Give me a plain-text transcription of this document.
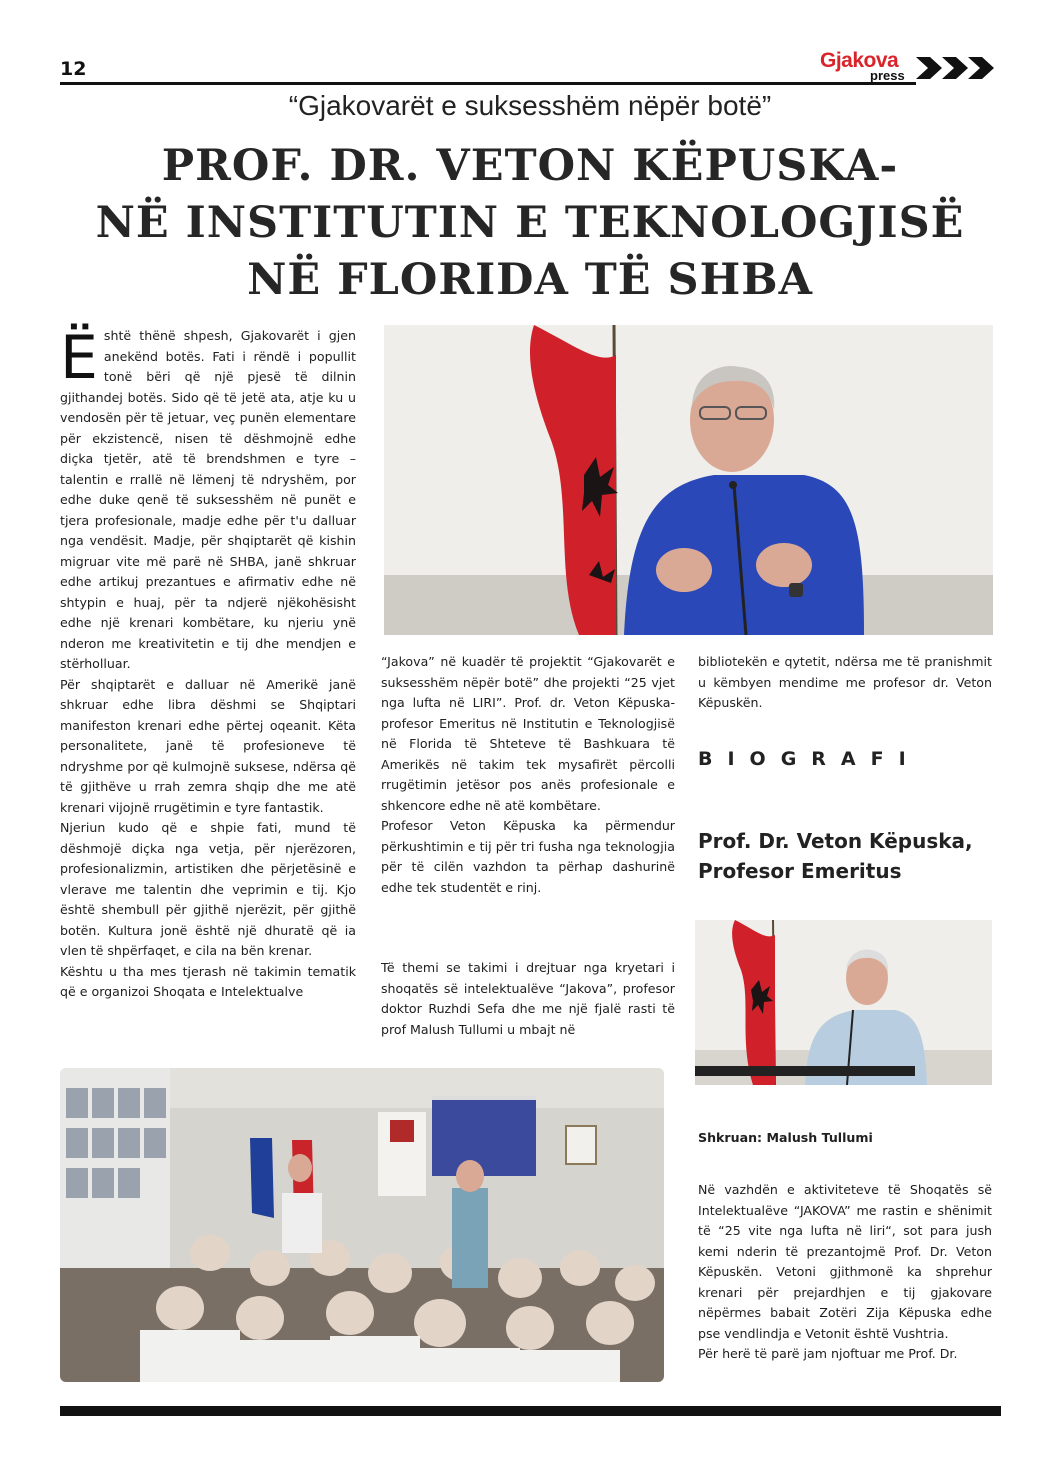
12	Gjakova
press
“Gjakovarët e suksesshëm nëpër botë”
PROF. DR. VETON KËPUSKA-
NË INSTITUTIN E TEKNOLOGJISË
NË FLORIDA TË SHBA

Është thënë shpesh, Gjakovarët i gjen anekënd botës. Fati i rëndë i popullit tonë bëri që një pjesë të dilnin gjithandej botës. Sido që të jetë ata, atje ku u vendosën për të jetuar, veç punën elementare për ekzistencë, nisen të dëshmojnë edhe diçka tjetër, atë të brendshmen e tyre – talentin e rrallë në lëmenj të ndryshëm, por edhe duke qenë të suksesshëm në punët e tjera profesionale, madje edhe për t'u dalluar nga vendësit. Madje, për shqiptarët që kishin migruar vite më parë në SHBA, janë shkruar edhe artikuj prezantues e afirmativ edhe në shtypin e huaj, për ta ndjerë njëkohësisht edhe një krenari kombëtare, ku njeriu ynë nderon me kreativitetin e tij dhe mendjen e stërholluar.

Për shqiptarët e dalluar në Amerikë janë shkruar edhe libra dëshmi se Shqiptari manifeston krenari edhe përtej oqeanit. Këta personalitete, janë të profesioneve të ndryshme por që kulmojnë suksese, ndërsa që të gjithëve u rrah zemra shqip dhe me atë krenari vijojnë rrugëtimin e tyre fantastik.

Njeriun kudo që e shpie fati, mund të dëshmojë diçka nga vetja, për njerëzoren, profesionalizmin, artistiken dhe përjetësinë e vlerave me talentin dhe veprimin e tij. Kjo është shembull për gjithë njerëzit, për gjithë botën. Kultura jonë është një dhuratë që ia vlen të shpërfaqet, e cila na bën krenar.

Kështu u tha mes tjerash në takimin tematik që e organizoi Shoqata e Intelektualve

“Jakova” në kuadër të projektit “Gjakovarët e suksesshëm nëpër botë” dhe projekti “25 vjet nga lufta në LIRI”. Prof. dr. Veton Këpuska-profesor Emeritus në Institutin e Teknologjisë në Florida të Shteteve të Bashkuara të Amerikës në takim tek mysafirët përcolli rrugëtimin jetësor pos anës profesionale e shkencore edhe në atë kombëtare.

Profesor Veton Këpuska ka përmendur përkushtimin e tij për tri fusha nga teknologjia për të cilën vazhdon ta përhap dashurinë edhe tek studentët e rinj.

Të themi se takimi i drejtuar nga kryetari i shoqatës së intelektualëve “Jakova”, profesor doktor Ruzhdi Sefa dhe me një fjalë rasti të prof Malush Tullumi u mbajt në

bibliotekën e qytetit, ndërsa me të pranishmit u këmbyen mendime me profesor dr. Veton Këpuskën.

BIOGRAFI
Prof. Dr. Veton Këpuska, Profesor Emeritus
Shkruan: Malush Tullumi

Në vazhdën e aktiviteteve të Shoqatës së Intelektualëve “JAKOVA” me rastin e shënimit të “25 vite nga lufta në liri“, sot para jush kemi nderin të prezantojmë Prof. Dr. Veton Këpuskën. Vetoni gjithmonë ka shprehur krenari për prejardhjen e tij gjakovare nëpërmes babait Zotëri Zija Këpuska edhe pse vendlindja e Vetonit është Vushtria.

Për herë të parë jam njoftuar me Prof. Dr.
